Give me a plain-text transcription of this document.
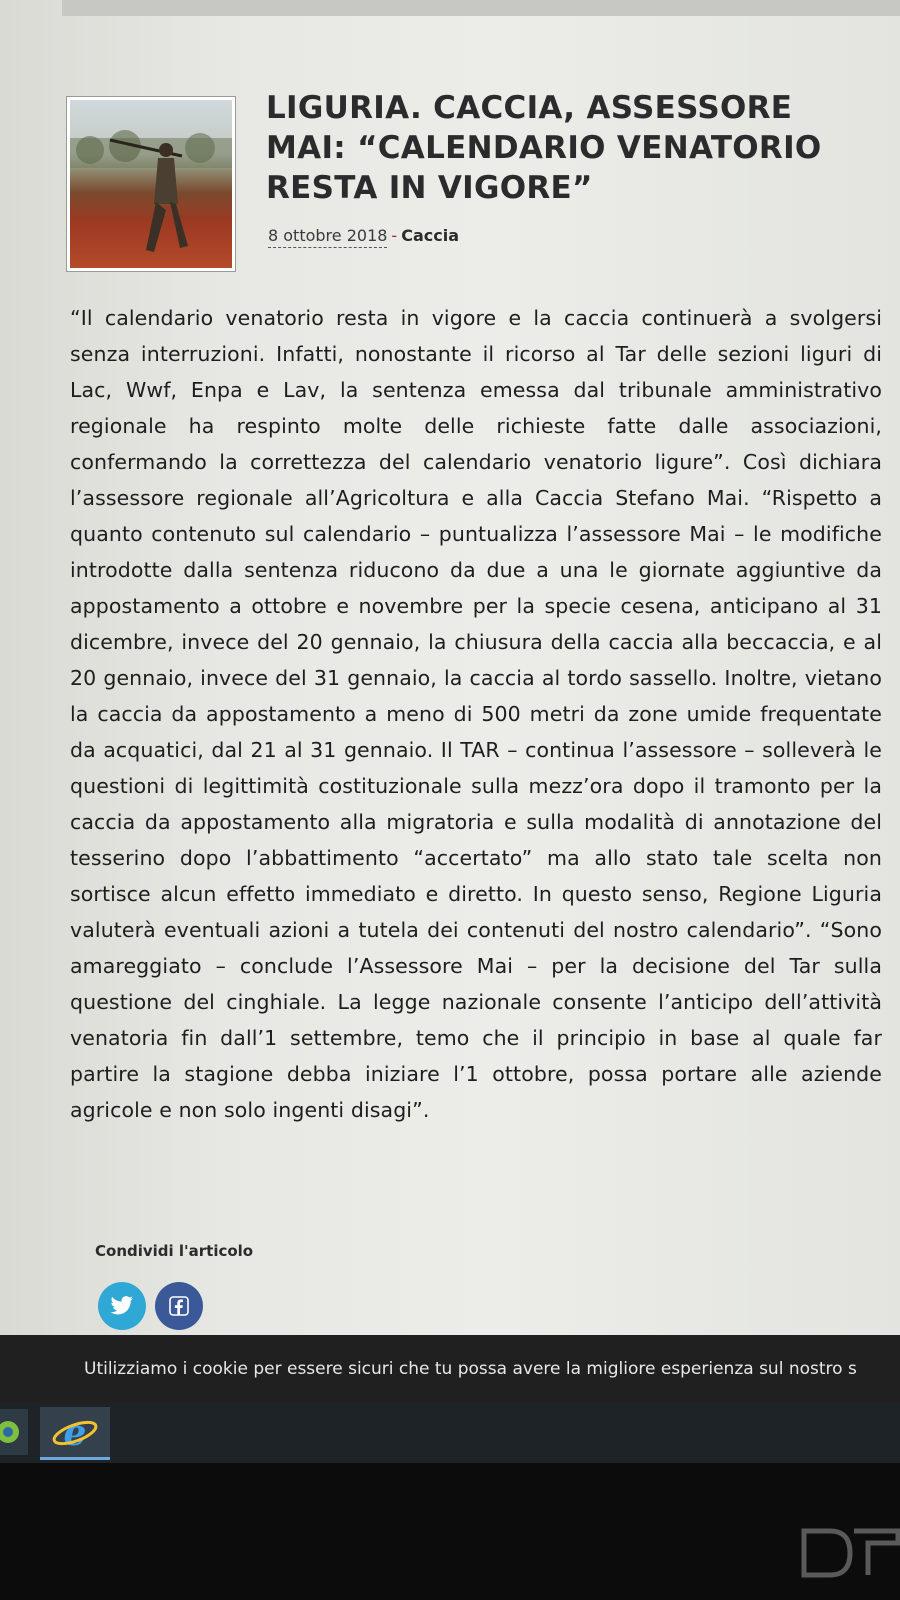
LIGURIA. CACCIA, ASSESSORE MAI: “CALENDARIO VENATORIO RESTA IN VIGORE”
8 ottobre 2018 - Caccia

“Il calendario venatorio resta in vigore e la caccia continuerà a svolgersi senza interruzioni. Infatti, nonostante il ricorso al Tar delle sezioni liguri di Lac, Wwf, Enpa e Lav, la sentenza emessa dal tribunale amministrativo regionale ha respinto molte delle richieste fatte dalle associazioni, confermando la correttezza del calendario venatorio ligure”. Così dichiara l’assessore regionale all’Agricoltura e alla Caccia Stefano Mai. “Rispetto a quanto contenuto sul calendario – puntualizza l’assessore Mai – le modifiche introdotte dalla sentenza riducono da due a una le giornate aggiuntive da appostamento a ottobre e novembre per la specie cesena, anticipano al 31 dicembre, invece del 20 gennaio, la chiusura della caccia alla beccaccia, e al 20 gennaio, invece del 31 gennaio, la caccia al tordo sassello. Inoltre, vietano la caccia da appostamento a meno di 500 metri da zone umide frequentate da acquatici, dal 21 al 31 gennaio. Il TAR – continua l’assessore – solleverà le questioni di legittimità costituzionale sulla mezz’ora dopo il tramonto per la caccia da appostamento alla migratoria e sulla modalità di annotazione del tesserino dopo l’abbattimento “accertato” ma allo stato tale scelta non sortisce alcun effetto immediato e diretto. In questo senso, Regione Liguria valuterà eventuali azioni a tutela dei contenuti del nostro calendario”. “Sono amareggiato – conclude l’Assessore Mai – per la decisione del Tar sulla questione del cinghiale. La legge nazionale consente l’anticipo dell’attività venatoria fin dall’1 settembre, temo che il principio in base al quale far partire la stagione debba iniziare l’1 ottobre, possa portare alle aziende agricole e non solo ingenti disagi”.

Condividi l'articolo
Utilizziamo i cookie per essere sicuri che tu possa avere la migliore esperienza sul nostro s
e
